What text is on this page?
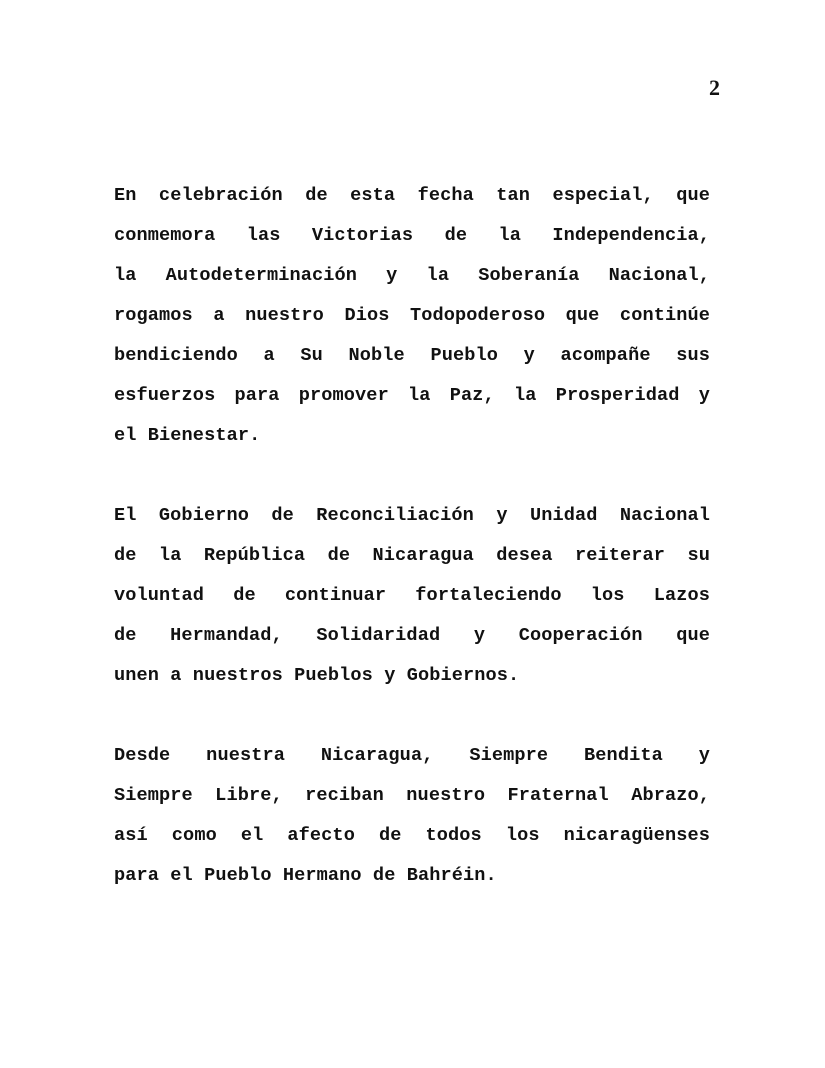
2

En celebración de esta fecha tan especial, que
conmemora las Victorias de la Independencia,
la Autodeterminación y la Soberanía Nacional,
rogamos a nuestro Dios Todopoderoso que continúe
bendiciendo a Su Noble Pueblo y acompañe sus
esfuerzos para promover la Paz, la Prosperidad y
el Bienestar.

El Gobierno de Reconciliación y Unidad Nacional
de la República de Nicaragua desea reiterar su
voluntad de continuar fortaleciendo los Lazos
de Hermandad, Solidaridad y Cooperación que
unen a nuestros Pueblos y Gobiernos.

Desde nuestra Nicaragua, Siempre Bendita y
Siempre Libre, reciban nuestro Fraternal Abrazo,
así como el afecto de todos los nicaragüenses
para el Pueblo Hermano de Bahréin.
